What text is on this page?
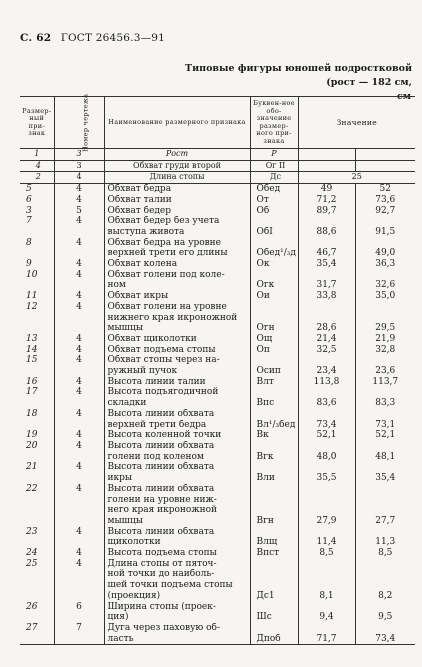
С. 62 ГОСТ 26456.3—91
Типовые фигуры юношей подростковой
(рост — 182 см,
см
Размер-ный при-знак	Номер чертежа	Наименование размерного признака	Буквен-ное обо-значение размер-ного при-знака	Значение	
1	3	Рост	Р		
4	3	Обхват груди второй	Ог II		
2	4	Длина стопы	Дс	25	
5	4	Обхват бедра	Обед	49	52
6	4	Обхват талии	От	71,2	73,6
3	5	Обхват бедер	Об	89,7	92,7
7	4	Обхват бедер без учета			
		выступа живота	ОбI	88,6	91,5
8	4	Обхват бедра на уровне			
		верхней трети его длины	Обед¹/₃д	46,7	49,0
9	4	Обхват колена	Ок	35,4	36,3
10	4	Обхват голени под коле-			
		ном	Огк	31,7	32,6
11	4	Обхват икры	Ои	33,8	35,0
12	4	Обхват голени на уровне			
		нижнего края икроножной			
		мышцы	Огн	28,6	29,5
13	4	Обхват щиколотки	Ощ	21,4	21,9
14	4	Обхват подъема стопы	Оп	32,5	32,8
15	4	Обхват стопы через на-			
		ружный пучок	Осип	23,4	23,6
16	4	Высота линии талии	Влт	113,8	113,7
17	4	Высота подъягодичной			
		складки	Впс	83,6	83,3
18	4	Высота линии обхвата			
		верхней трети бедра	Вл¹/₃бед	73,4	73,1
19	4	Высота коленной точки	Вк	52,1	52,1
20	4	Высота линии обхвата			
		голени под коленом	Вгк	48,0	48,1
21	4	Высота линии обхвата			
		икры	Вли	35,5	35,4
22	4	Высота линии обхвата			
		голени на уровне ниж-			
		него края икроножной			
		мышцы	Вгн	27,9	27,7
23	4	Высота линии обхвата			
		щиколотки	Влщ	11,4	11,3
24	4	Высота подъема стопы	Впст	8,5	8,5
25	4	Длина стопы от пяточ-			
		ной точки до наиболь-			
		шей точки подъема стопы			
		(проекция)	Дс1	8,1	8,2
26	6	Ширина стопы (проек-			
		ция)	Шс	9,4	9,5
27	7	Дуга через паховую об-			
		ласть	Дпоб	71,7	73,4
